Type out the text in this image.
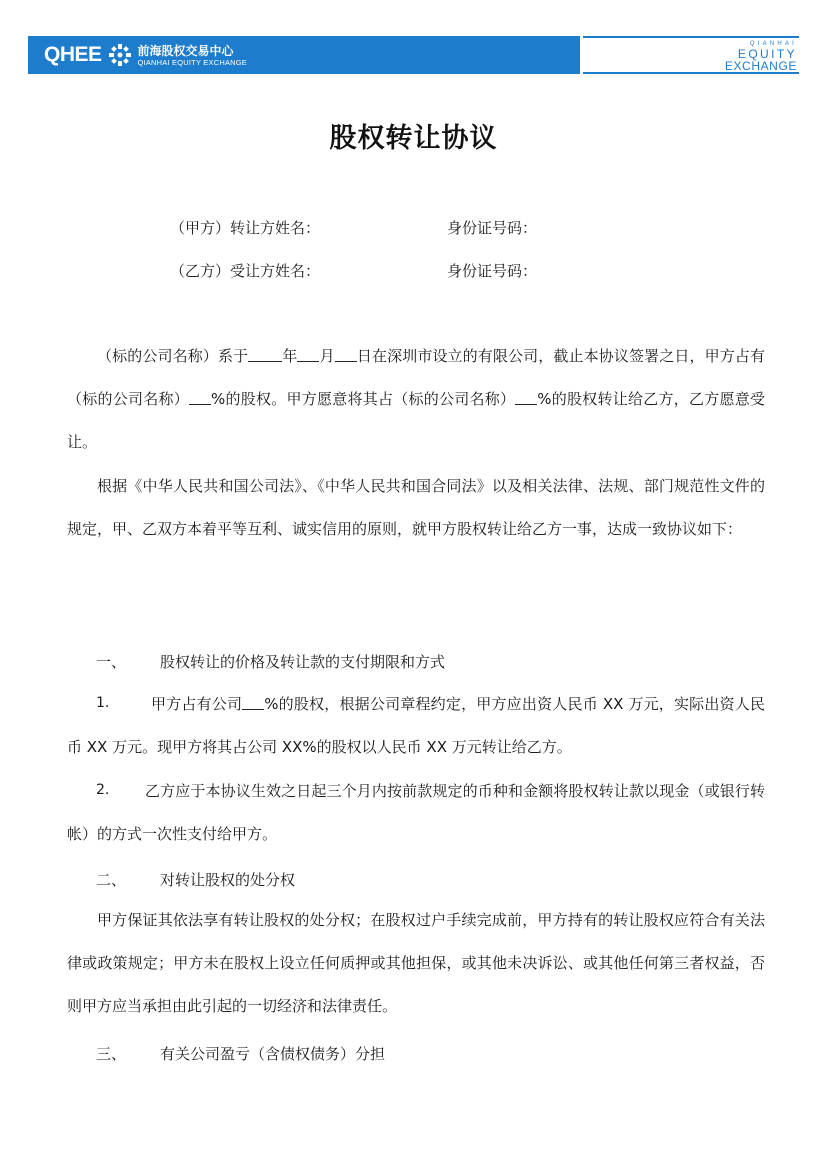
QHEE	前海股权交易中心
QIANHAI EQUITY EXCHANGE
QIANHAI
EQUITY
EXCHANGE
股权转让协议
（甲方）转让方姓名：	身份证号码：
（乙方）受让方姓名：	身份证号码：
（标的公司名称）系于 年 月 日在深圳市设立的有限公司，截止本协议签署之日，甲方占有（标的公司名称） %的股权。甲方愿意将其占（标的公司名称） %的股权转让给乙方，乙方愿意受让。
根据《中华人民共和国公司法》、《中华人民共和国合同法》以及相关法律、法规、部门规范性文件的规定，甲、乙双方本着平等互利、诚实信用的原则，就甲方股权转让给乙方一事，达成一致协议如下：
一、 股权转让的价格及转让款的支付期限和方式
1.	甲方占有公司 %的股权，根据公司章程约定，甲方应出资人民币 XX 万元，实际出资人民币 XX 万元。现甲方将其占公司 XX%的股权以人民币 XX 万元转让给乙方。
2.	乙方应于本协议生效之日起三个月内按前款规定的币种和金额将股权转让款以现金（或银行转帐）的方式一次性支付给甲方。
二、 对转让股权的处分权
甲方保证其依法享有转让股权的处分权；在股权过户手续完成前，甲方持有的转让股权应符合有关法律或政策规定；甲方未在股权上设立任何质押或其他担保，或其他未决诉讼、或其他任何第三者权益，否则甲方应当承担由此引起的一切经济和法律责任。
三、 有关公司盈亏（含债权债务）分担
